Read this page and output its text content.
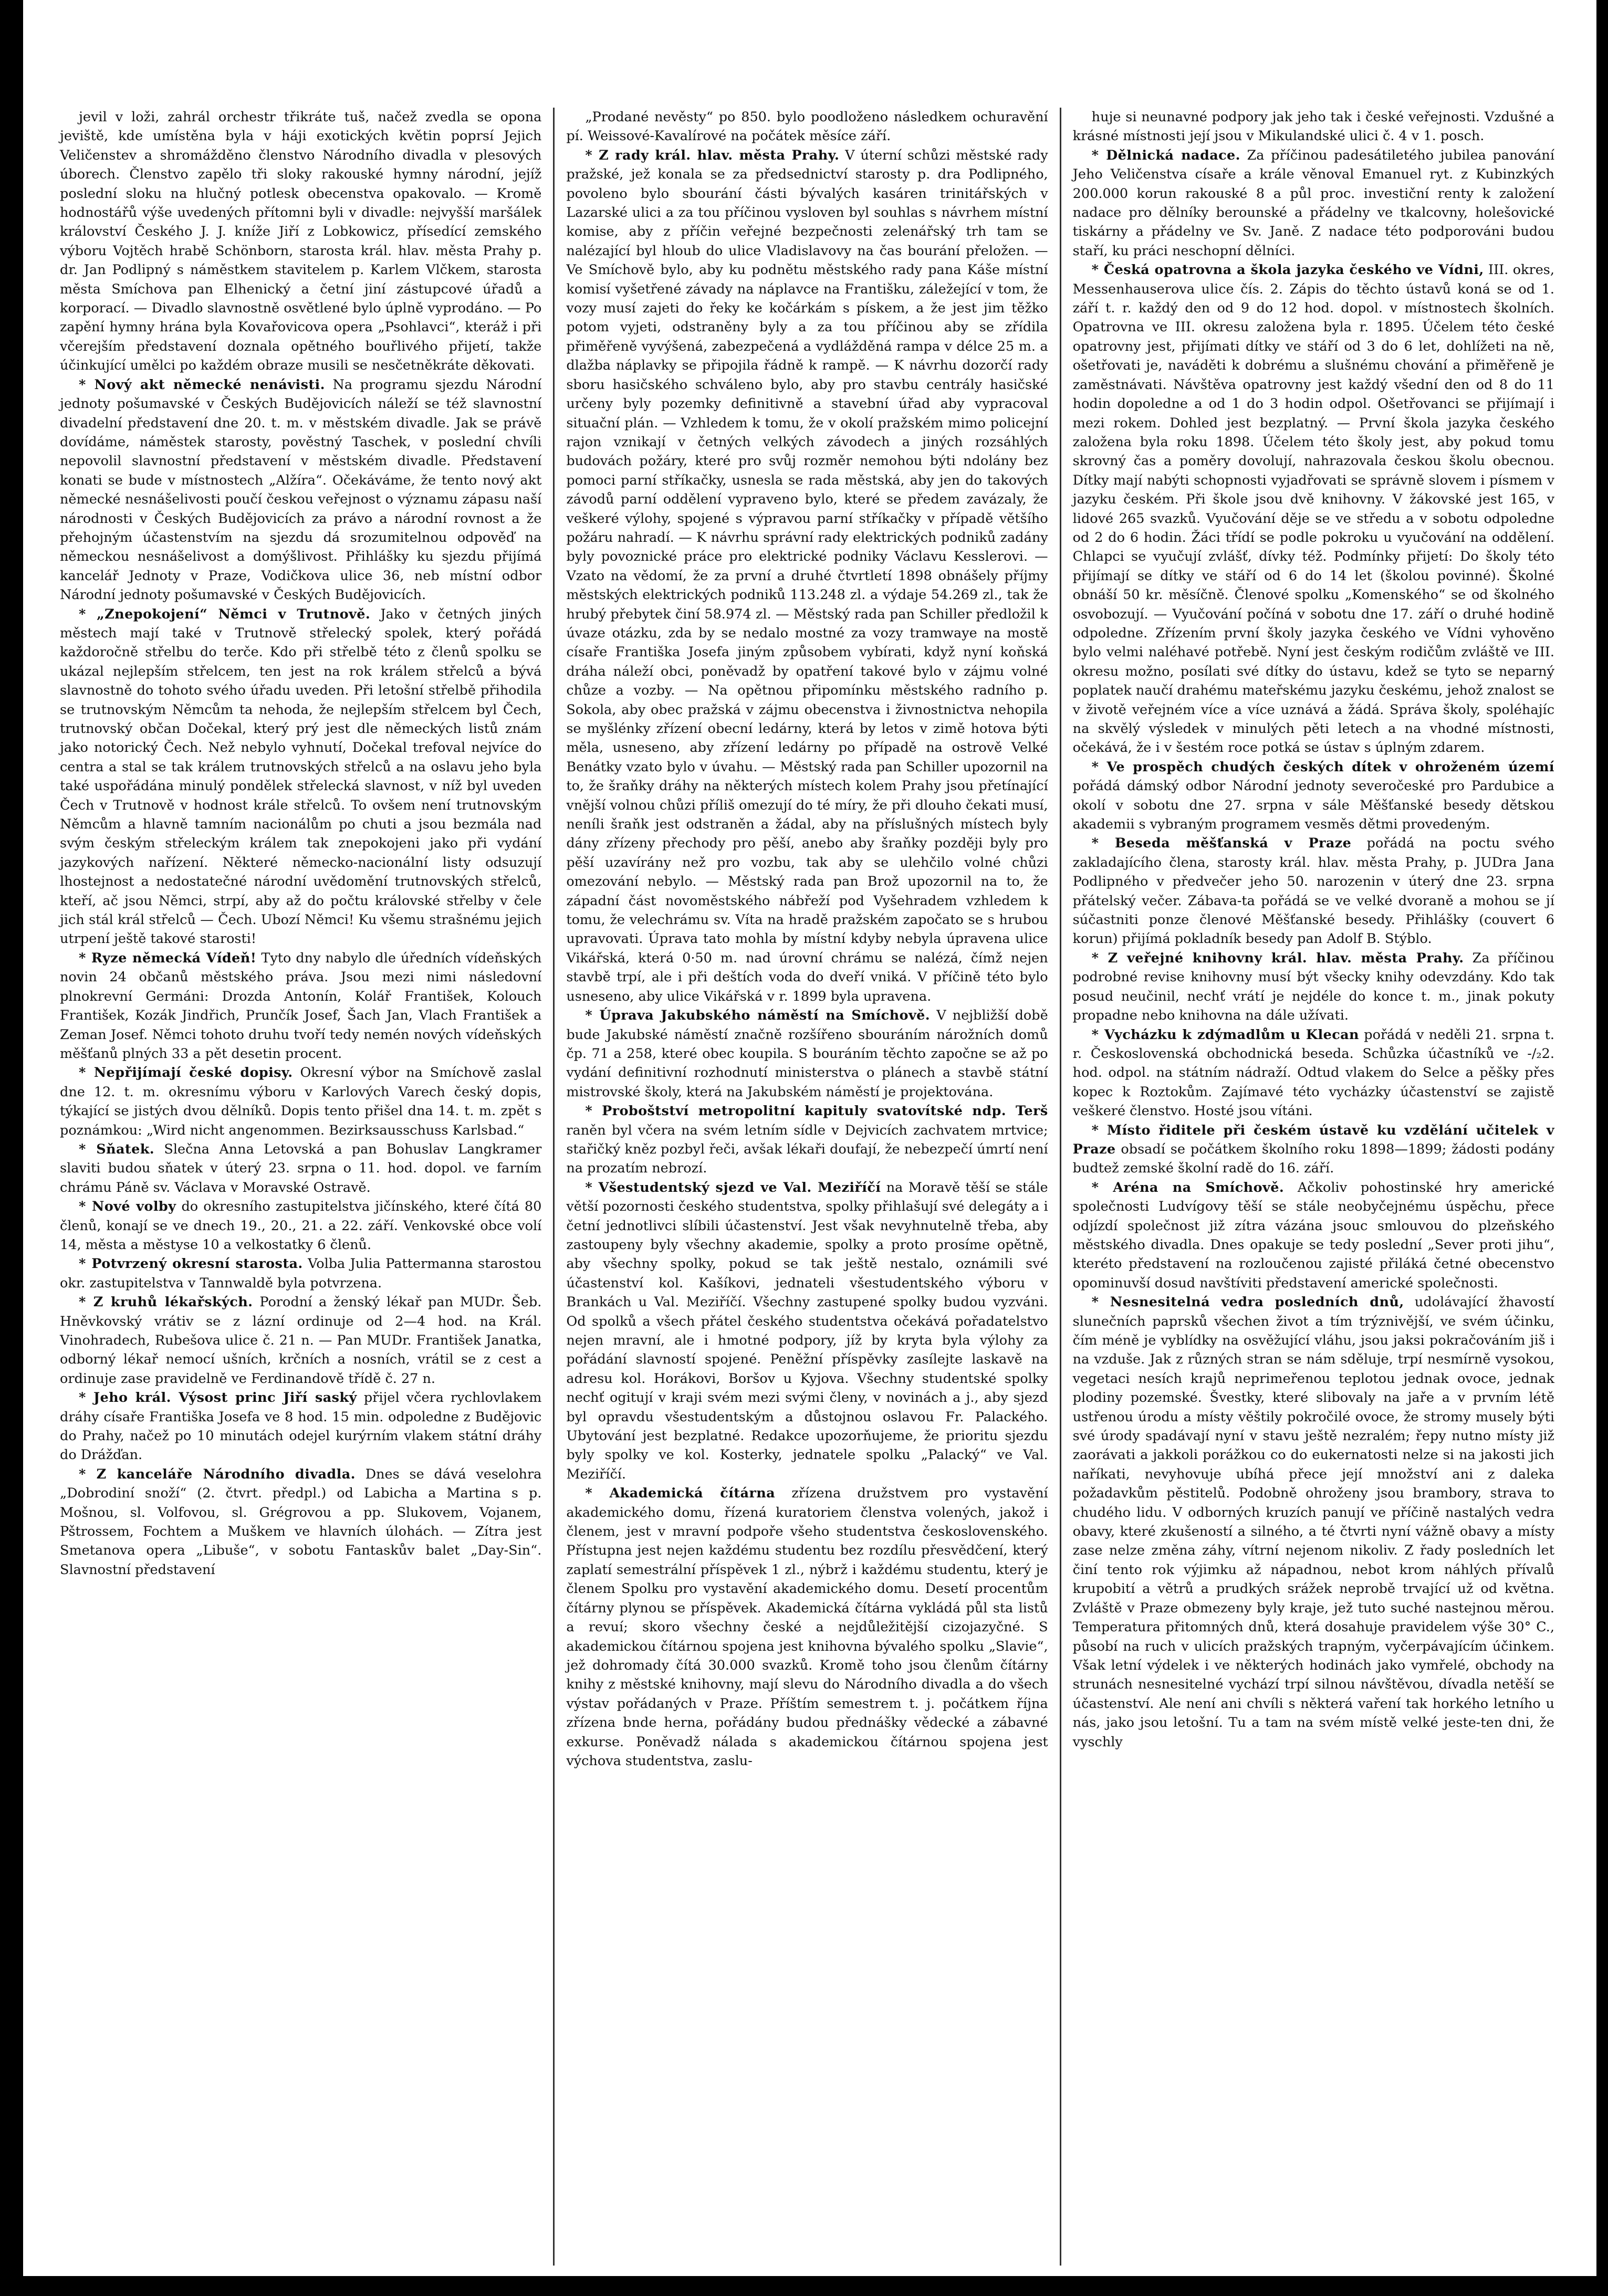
jevil v loži, zahrál orchestr třikráte tuš, načež zvedla se opona jeviště, kde umístěna byla v háji exotických květin poprsí Jejich Veličenstev a shromážděno členstvo Národního divadla v plesových úborech. Členstvo zapělo tři sloky rakouské hymny národní, jejíž poslední sloku na hlučný potlesk obecenstva opakovalo. — Kromě hodnostářů výše uvedených přítomni byli v divadle: nejvyšší maršálek království Českého J. J. kníže Jiří z Lobkowicz, přísedící zemského výboru Vojtěch hrabě Schönborn, starosta král. hlav. města Prahy p. dr. Jan Podlipný s náměstkem stavitelem p. Karlem Vlčkem, starosta města Smíchova pan Elhenický a četní jiní zástupcové úřadů a korporací. — Divadlo slavnostně osvětlené bylo úplně vyprodáno. — Po zapění hymny hrána byla Kovařovicova opera „Psohlavci“, kteráž i při včerejším představení doznala opětného bouřlivého přijetí, takže účinkující umělci po každém obraze musili se nesčetněkráte děkovati.

* Nový akt německé nenávisti. Na programu sjezdu Národní jednoty pošumavské v Českých Budějovicích náleží se též slavnostní divadelní představení dne 20. t. m. v městském divadle. Jak se právě dovídáme, náměstek starosty, pověstný Taschek, v poslední chvíli nepovolil slavnostní představení v městském divadle. Představení konati se bude v místnostech „Alžíra“. Očekáváme, že tento nový akt německé nesnášelivosti poučí českou veřejnost o významu zápasu naší národnosti v Českých Budějovicích za právo a národní rovnost a že přehojným účastenstvím na sjezdu dá srozumitelnou odpověď na německou nesnášelivost a domýšlivost. Přihlášky ku sjezdu přijímá kancelář Jednoty v Praze, Vodičkova ulice 36, neb místní odbor Národní jednoty pošumavské v Českých Budějovicích.

* „Znepokojení“ Němci v Trutnově. Jako v četných jiných městech mají také v Trutnově střelecký spolek, který pořádá každoročně střelbu do terče. Kdo při střelbě této z členů spolku se ukázal nejlepším střelcem, ten jest na rok králem střelců a bývá slavnostně do tohoto svého úřadu uveden. Při letošní střelbě přihodila se trutnovským Němcům ta nehoda, že nejlepším střelcem byl Čech, trutnovský občan Dočekal, který prý jest dle německých listů znám jako notorický Čech. Než nebylo vyhnutí, Dočekal trefoval nejvíce do centra a stal se tak králem trutnovských střelců a na oslavu jeho byla také uspořádána minulý pondělek střelecká slavnost, v níž byl uveden Čech v Trutnově v hodnost krále střelců. To ovšem není trutnovským Němcům a hlavně tamním nacionálům po chuti a jsou bezmála nad svým českým střeleckým králem tak znepokojeni jako při vydání jazykových nařízení. Některé německo-nacionální listy odsuzují lhostejnost a nedostatečné národní uvědomění trutnovských střelců, kteří, ač jsou Němci, strpí, aby až do počtu královské střelby v čele jich stál král střelců — Čech. Ubozí Němci! Ku všemu strašnému jejich utrpení ještě takové starosti!

* Ryze německá Vídeň! Tyto dny nabylo dle úředních vídeňských novin 24 občanů městského práva. Jsou mezi nimi následovní plnokrevní Germáni: Drozda Antonín, Kolář František, Kolouch František, Kozák Jindřich, Prunčík Josef, Šach Jan, Vlach František a Zeman Josef. Němci tohoto druhu tvoří tedy nemén nových vídeňských měšťanů plných 33 a pět desetin procent.

* Nepřijímají české dopisy. Okresní výbor na Smíchově zaslal dne 12. t. m. okresnímu výboru v Karlových Varech český dopis, týkající se jistých dvou dělníků. Dopis tento přišel dna 14. t. m. zpět s poznámkou: „Wird nicht angenommen. Bezirksausschuss Karlsbad.“

* Sňatek. Slečna Anna Letovská a pan Bohuslav Langkramer slaviti budou sňatek v úterý 23. srpna o 11. hod. dopol. ve farním chrámu Páně sv. Václava v Moravské Ostravě.

* Nové volby do okresního zastupitelstva jičínského, které čítá 80 členů, konají se ve dnech 19., 20., 21. a 22. září. Venkovské obce volí 14, města a městyse 10 a velkostatky 6 členů.

* Potvrzený okresní starosta. Volba Julia Pattermanna starostou okr. zastupitelstva v Tannwaldě byla potvrzena.

* Z kruhů lékařských. Porodní a ženský lékař pan MUDr. Šeb. Hněvkovský vrátiv se z lázní ordinuje od 2—4 hod. na Král. Vinohradech, Rubešova ulice č. 21 n. — Pan MUDr. František Janatka, odborný lékař nemocí ušních, krčních a nosních, vrátil se z cest a ordinuje zase pravidelně ve Ferdinandově třídě č. 27 n.

* Jeho král. Výsost princ Jiří saský přijel včera rychlovlakem dráhy císaře Františka Josefa ve 8 hod. 15 min. odpoledne z Budějovic do Prahy, načež po 10 minutách odejel kurýrním vlakem státní dráhy do Drážďan.

* Z kanceláře Národního divadla. Dnes se dává veselohra „Dobrodiní snoží“ (2. čtvrt. předpl.) od Labicha a Martina s p. Mošnou, sl. Volfovou, sl. Grégrovou a pp. Slukovem, Vojanem, Pštrossem, Fochtem a Muškem ve hlavních úlohách. — Zítra jest Smetanova opera „Libuše“, v sobotu Fantaskův balet „Day-Sin“. Slavnostní představení

„Prodané nevěsty“ po 850. bylo poodloženo následkem ochuravění pí. Weissové-Kavalírové na počátek měsíce září.

* Z rady král. hlav. města Prahy. V úterní schůzi městské rady pražské, jež konala se za předsednictví starosty p. dra Podlipného, povoleno bylo sbourání části bývalých kasáren trinitářských v Lazarské ulici a za tou příčinou vysloven byl souhlas s návrhem místní komise, aby z příčin veřejné bezpečnosti zelenářský trh tam se nalézající byl hloub do ulice Vladislavovy na čas bourání přeložen. — Ve Smíchově bylo, aby ku podnětu městského rady pana Káše místní komisí vyšetřené závady na náplavce na Františku, záležející v tom, že vozy musí zajeti do řeky ke kočárkám s pískem, a že jest jim těžko potom vyjeti, odstraněny byly a za tou příčinou aby se zřídila přiměřeně vyvýšená, zabezpečená a vydlážděná rampa v délce 25 m. a dlažba náplavky se připojila řádně k rampě. — K návrhu dozorčí rady sboru hasičského schváleno bylo, aby pro stavbu centrály hasičské určeny byly pozemky definitivně a stavební úřad aby vypracoval situační plán. — Vzhledem k tomu, že v okolí pražském mimo policejní rajon vznikají v četných velkých závodech a jiných rozsáhlých budovách požáry, které pro svůj rozměr nemohou býti ndolány bez pomoci parní stříkačky, usnesla se rada městská, aby jen do takových závodů parní oddělení vypraveno bylo, které se předem zavázaly, že veškeré výlohy, spojené s výpravou parní stříkačky v případě většího požáru nahradí. — K návrhu správní rady elektrických podniků zadány byly povoznické práce pro elektrické podniky Václavu Kesslerovi. — Vzato na vědomí, že za první a druhé čtvrtletí 1898 obnášely příjmy městských elektrických podniků 113.248 zl. a výdaje 54.269 zl., tak že hrubý přebytek činí 58.974 zl. — Městský rada pan Schiller předložil k úvaze otázku, zda by se nedalo mostné za vozy tramwaye na mostě císaře Františka Josefa jiným způsobem vybírati, když nyní koňská dráha náleží obci, poněvadž by opatření takové bylo v zájmu volné chůze a vozby. — Na opětnou připomínku městského radního p. Sokola, aby obec pražská v zájmu obecenstva i živnostnictva nehopila se myšlénky zřízení obecní ledárny, která by letos v zimě hotova býti měla, usneseno, aby zřízení ledárny po případě na ostrově Velké Benátky vzato bylo v úvahu. — Městský rada pan Schiller upozornil na to, že šraňky dráhy na některých místech kolem Prahy jsou přetínající vnější volnou chůzi příliš omezují do té míry, že při dlouho čekati musí, neníli šraňk jest odstraněn a žádal, aby na příslušných místech byly dány zřízeny přechody pro pěší, anebo aby šraňky později byly pro pěší uzavírány než pro vozbu, tak aby se ulehčilo volné chůzi omezování nebylo. — Městský rada pan Brož upozornil na to, že západní část novoměstského nábřeží pod Vyšehradem vzhledem k tomu, že velechrámu sv. Víta na hradě pražském započato se s hrubou upravovati. Úprava tato mohla by místní kdyby nebyla úpravena ulice Vikářská, která 0·50 m. nad úrovní chrámu se nalézá, čímž nejen stavbě trpí, ale i při deštích voda do dveří vniká. V příčině této bylo usneseno, aby ulice Vikářská v r. 1899 byla upravena.

* Úprava Jakubského náměstí na Smíchově. V nejbližší době bude Jakubské náměstí značně rozšířeno sbouráním nárožních domů čp. 71 a 258, které obec koupila. S bouráním těchto započne se až po vydání definitivní rozhodnutí ministerstva o plánech a stavbě státní mistrovské školy, která na Jakubském náměstí je projektována.

* Proboštství metropolitní kapituly svatovítské ndp. Terš raněn byl včera na svém letním sídle v Dejvicích zachvatem mrtvice; stařičký kněz pozbyl řeči, avšak lékaři doufají, že nebezpečí úmrtí není na prozatím nebrozí.

* Všestudentský sjezd ve Val. Meziříčí na Moravě těší se stále větší pozornosti českého studentstva, spolky přihlašují své delegáty a i četní jednotlivci slíbili účastenství. Jest však nevyhnutelně třeba, aby zastoupeny byly všechny akademie, spolky a proto prosíme opětně, aby všechny spolky, pokud se tak ještě nestalo, oznámili své účastenství kol. Kašíkovi, jednateli všestudentského výboru v Brankách u Val. Meziříčí. Všechny zastupené spolky budou vyzváni. Od spolků a všech přátel českého studentstva očekává pořadatelstvo nejen mravní, ale i hmotné podpory, jíž by kryta byla výlohy za pořádání slavností spojené. Peněžní příspěvky zasílejte laskavě na adresu kol. Horákovi, Boršov u Kyjova. Všechny studentské spolky nechť ogitují v kraji svém mezi svými členy, v novinách a j., aby sjezd byl opravdu všestudentským a důstojnou oslavou Fr. Palackého. Ubytování jest bezplatné. Redakce upozorňujeme, že prioritu sjezdu byly spolky ve kol. Kosterky, jednatele spolku „Palacký“ ve Val. Meziříčí.

* Akademická čítárna zřízena družstvem pro vystavění akademického domu, řízená kuratoriem členstva volených, jakož i členem, jest v mravní podpoře všeho studentstva československého. Přístupna jest nejen každému studentu bez rozdílu přesvědčení, který zaplatí semestrální příspěvek 1 zl., nýbrž i každému studentu, který je členem Spolku pro vystavění akademického domu. Desetí procentům čítárny plynou se příspěvek. Akademická čítárna vykládá půl sta listů a revuí; skoro všechny české a nejdůležitější cizojazyčné. S akademickou čítárnou spojena jest knihovna bývalého spolku „Slavie“, jež dohromady čítá 30.000 svazků. Kromě toho jsou členům čítárny knihy z městské knihovny, mají slevu do Národního divadla a do všech výstav pořádaných v Praze. Příštím semestrem t. j. počátkem října zřízena bnde herna, pořádány budou přednášky vědecké a zábavné exkurse. Poněvadž nálada s akademickou čítárnou spojena jest výchova studentstva, zaslu-

huje si neunavné podpory jak jeho tak i české veřejnosti. Vzdušné a krásné místnosti její jsou v Mikulandské ulici č. 4 v 1. posch.

* Dělnická nadace. Za příčinou padesátiletého jubilea panování Jeho Veličenstva císaře a krále věnoval Emanuel ryt. z Kubinzkých 200.000 korun rakouské 8 a půl proc. investiční renty k založení nadace pro dělníky berounské a přádelny ve tkalcovny, holešovické tiskárny a přádelny ve Sv. Janě. Z nadace této podporováni budou staří, ku práci neschopní dělníci.

* Česká opatrovna a škola jazyka českého ve Vídni, III. okres, Messenhauserova ulice čís. 2. Zápis do těchto ústavů koná se od 1. září t. r. každý den od 9 do 12 hod. dopol. v místnostech školních. Opatrovna ve III. okresu založena byla r. 1895. Účelem této české opatrovny jest, přijímati dítky ve stáří od 3 do 6 let, dohlížeti na ně, ošetřovati je, naváděti k dobrému a slušnému chování a přiměřeně je zaměstnávati. Návštěva opatrovny jest každý všední den od 8 do 11 hodin dopoledne a od 1 do 3 hodin odpol. Ošetřovanci se přijímají i mezi rokem. Dohled jest bezplatný. — První škola jazyka českého založena byla roku 1898. Účelem této školy jest, aby pokud tomu skrovný čas a poměry dovolují, nahrazovala českou školu obecnou. Dítky mají nabýti schopnosti vyjadřovati se správně slovem i písmem v jazyku českém. Při škole jsou dvě knihovny. V žákovské jest 165, v lidové 265 svazků. Vyučování děje se ve středu a v sobotu odpoledne od 2 do 6 hodin. Žáci třídí se podle pokroku u vyučování na oddělení. Chlapci se vyučují zvlášť, dívky též. Podmínky přijetí: Do školy této přijímají se dítky ve stáří od 6 do 14 let (školou povinné). Školné obnáší 50 kr. měsíčně. Členové spolku „Komenského“ se od školného osvobozují. — Vyučování počíná v sobotu dne 17. září o druhé hodině odpoledne. Zřízením první školy jazyka českého ve Vídni vyhověno bylo velmi naléhavé potřebě. Nyní jest českým rodičům zvláště ve III. okresu možno, posílati své dítky do ústavu, kdež se tyto se neparný poplatek naučí drahému mateřskému jazyku českému, jehož znalost se v životě veřejném více a více uznává a žádá. Správa školy, spoléhajíc na skvělý výsledek v minulých pěti letech a na vhodné místnosti, očekává, že i v šestém roce potká se ústav s úplným zdarem.

* Ve prospěch chudých českých dítek v ohroženém území pořádá dámský odbor Národní jednoty severočeské pro Pardubice a okolí v sobotu dne 27. srpna v sále Měšťanské besedy dětskou akademii s vybraným programem vesměs dětmi provedeným.

* Beseda měšťanská v Praze pořádá na poctu svého zakladajícího člena, starosty král. hlav. města Prahy, p. JUDra Jana Podlipného v předvečer jeho 50. narozenin v úterý dne 23. srpna přátelský večer. Zábava‑ta pořádá se ve velké dvoraně a mohou se jí súčastniti ponze členové Měšťanské besedy. Přihlášky (couvert 6 korun) přijímá pokladník besedy pan Adolf B. Stýblo.

* Z veřejné knihovny král. hlav. města Prahy. Za příčinou podrobné revise knihovny musí být všecky knihy odevzdány. Kdo tak posud neučinil, nechť vrátí je nejdéle do konce t. m., jinak pokuty propadne nebo knihovna na dále užívati.

* Vycházku k zdýmadlům u Klecan pořádá v neděli 21. srpna t. r. Československá obchodnická beseda. Schůzka účastníků ve ‑/₂2. hod. odpol. na státním nádraží. Odtud vlakem do Selce a pěšky přes kopec k Roztokům. Zajímavé této vycházky účastenství se zajistě veškeré členstvo. Hosté jsou vítáni.

* Místo řiditele při českém ústavě ku vzdělání učitelek v Praze obsadí se počátkem školního roku 1898—1899; žádosti podány budtež zemské školní radě do 16. září.

* Aréna na Smíchově. Ačkoliv pohostinské hry americké společnosti Ludvígovy těší se stále neobyčejnému úspěchu, přece odjízdí společnost již zítra vázána jsouc smlouvou do plzeňského městského divadla. Dnes opakuje se tedy poslední „Sever proti jihu“, kteréto představení na rozloučenou zajisté přiláká četné obecenstvo opominuvší dosud navštíviti představení americké společnosti.

* Nesnesitelná vedra posledních dnů, udolávající žhavostí slunečních paprsků všechen život a tím trýznivější, ve svém účinku, čím méně je vyblídky na osvěžující vláhu, jsou jaksi pokračováním jiš i na vzduše. Jak z různých stran se nám sděluje, trpí nesmírně vysokou, vegetaci nesích krajů neprimeřenou teplotou jednak ovoce, jednak plodiny pozemské. Švestky, které slibovaly na jaře a v prvním létě ustřenou úrodu a místy věštily pokročilé ovoce, že stromy musely býti své úrody spadávají nyní v stavu ještě nezralém; řepy nutno místy již zaorávati a jakkoli porážkou co do eukernatosti nelze si na jakosti jich naříkati, nevyhovuje ubíhá přece její množství ani z daleka požadavkům pěstitelů. Podobně ohroženy jsou brambory, strava to chudého lidu. V odborných kruzích panují ve příčině nastalých vedra obavy, které zkušeností a silného, a té čtvrti nyní vážně obavy a místy zase nelze změna záhy, vítrní nejenom nikoliv. Z řady posledních let činí tento rok výjimku až nápadnou, nebot krom náhlých přívalů krupobití a větrů a prudkých srážek neprobě trvající už od května. Zvláště v Praze obmezeny byly kraje, jež tuto suché nastejnou měrou. Temperatura přitomných dnů, která dosahuje pravidelem výše 30° C., působí na ruch v ulicích pražských trapným, vyčerpávajícím účinkem. Však letní výdelek i ve některých hodinách jako vymřelé, obchody na strunách nesnesitelné vychází trpí silnou návštěvou, dívadla netěší se účastenství. Ale není ani chvíli s některá vaření tak horkého letního u nás, jako jsou letošní. Tu a tam na svém místě velké jeste-ten dni, že vyschly
